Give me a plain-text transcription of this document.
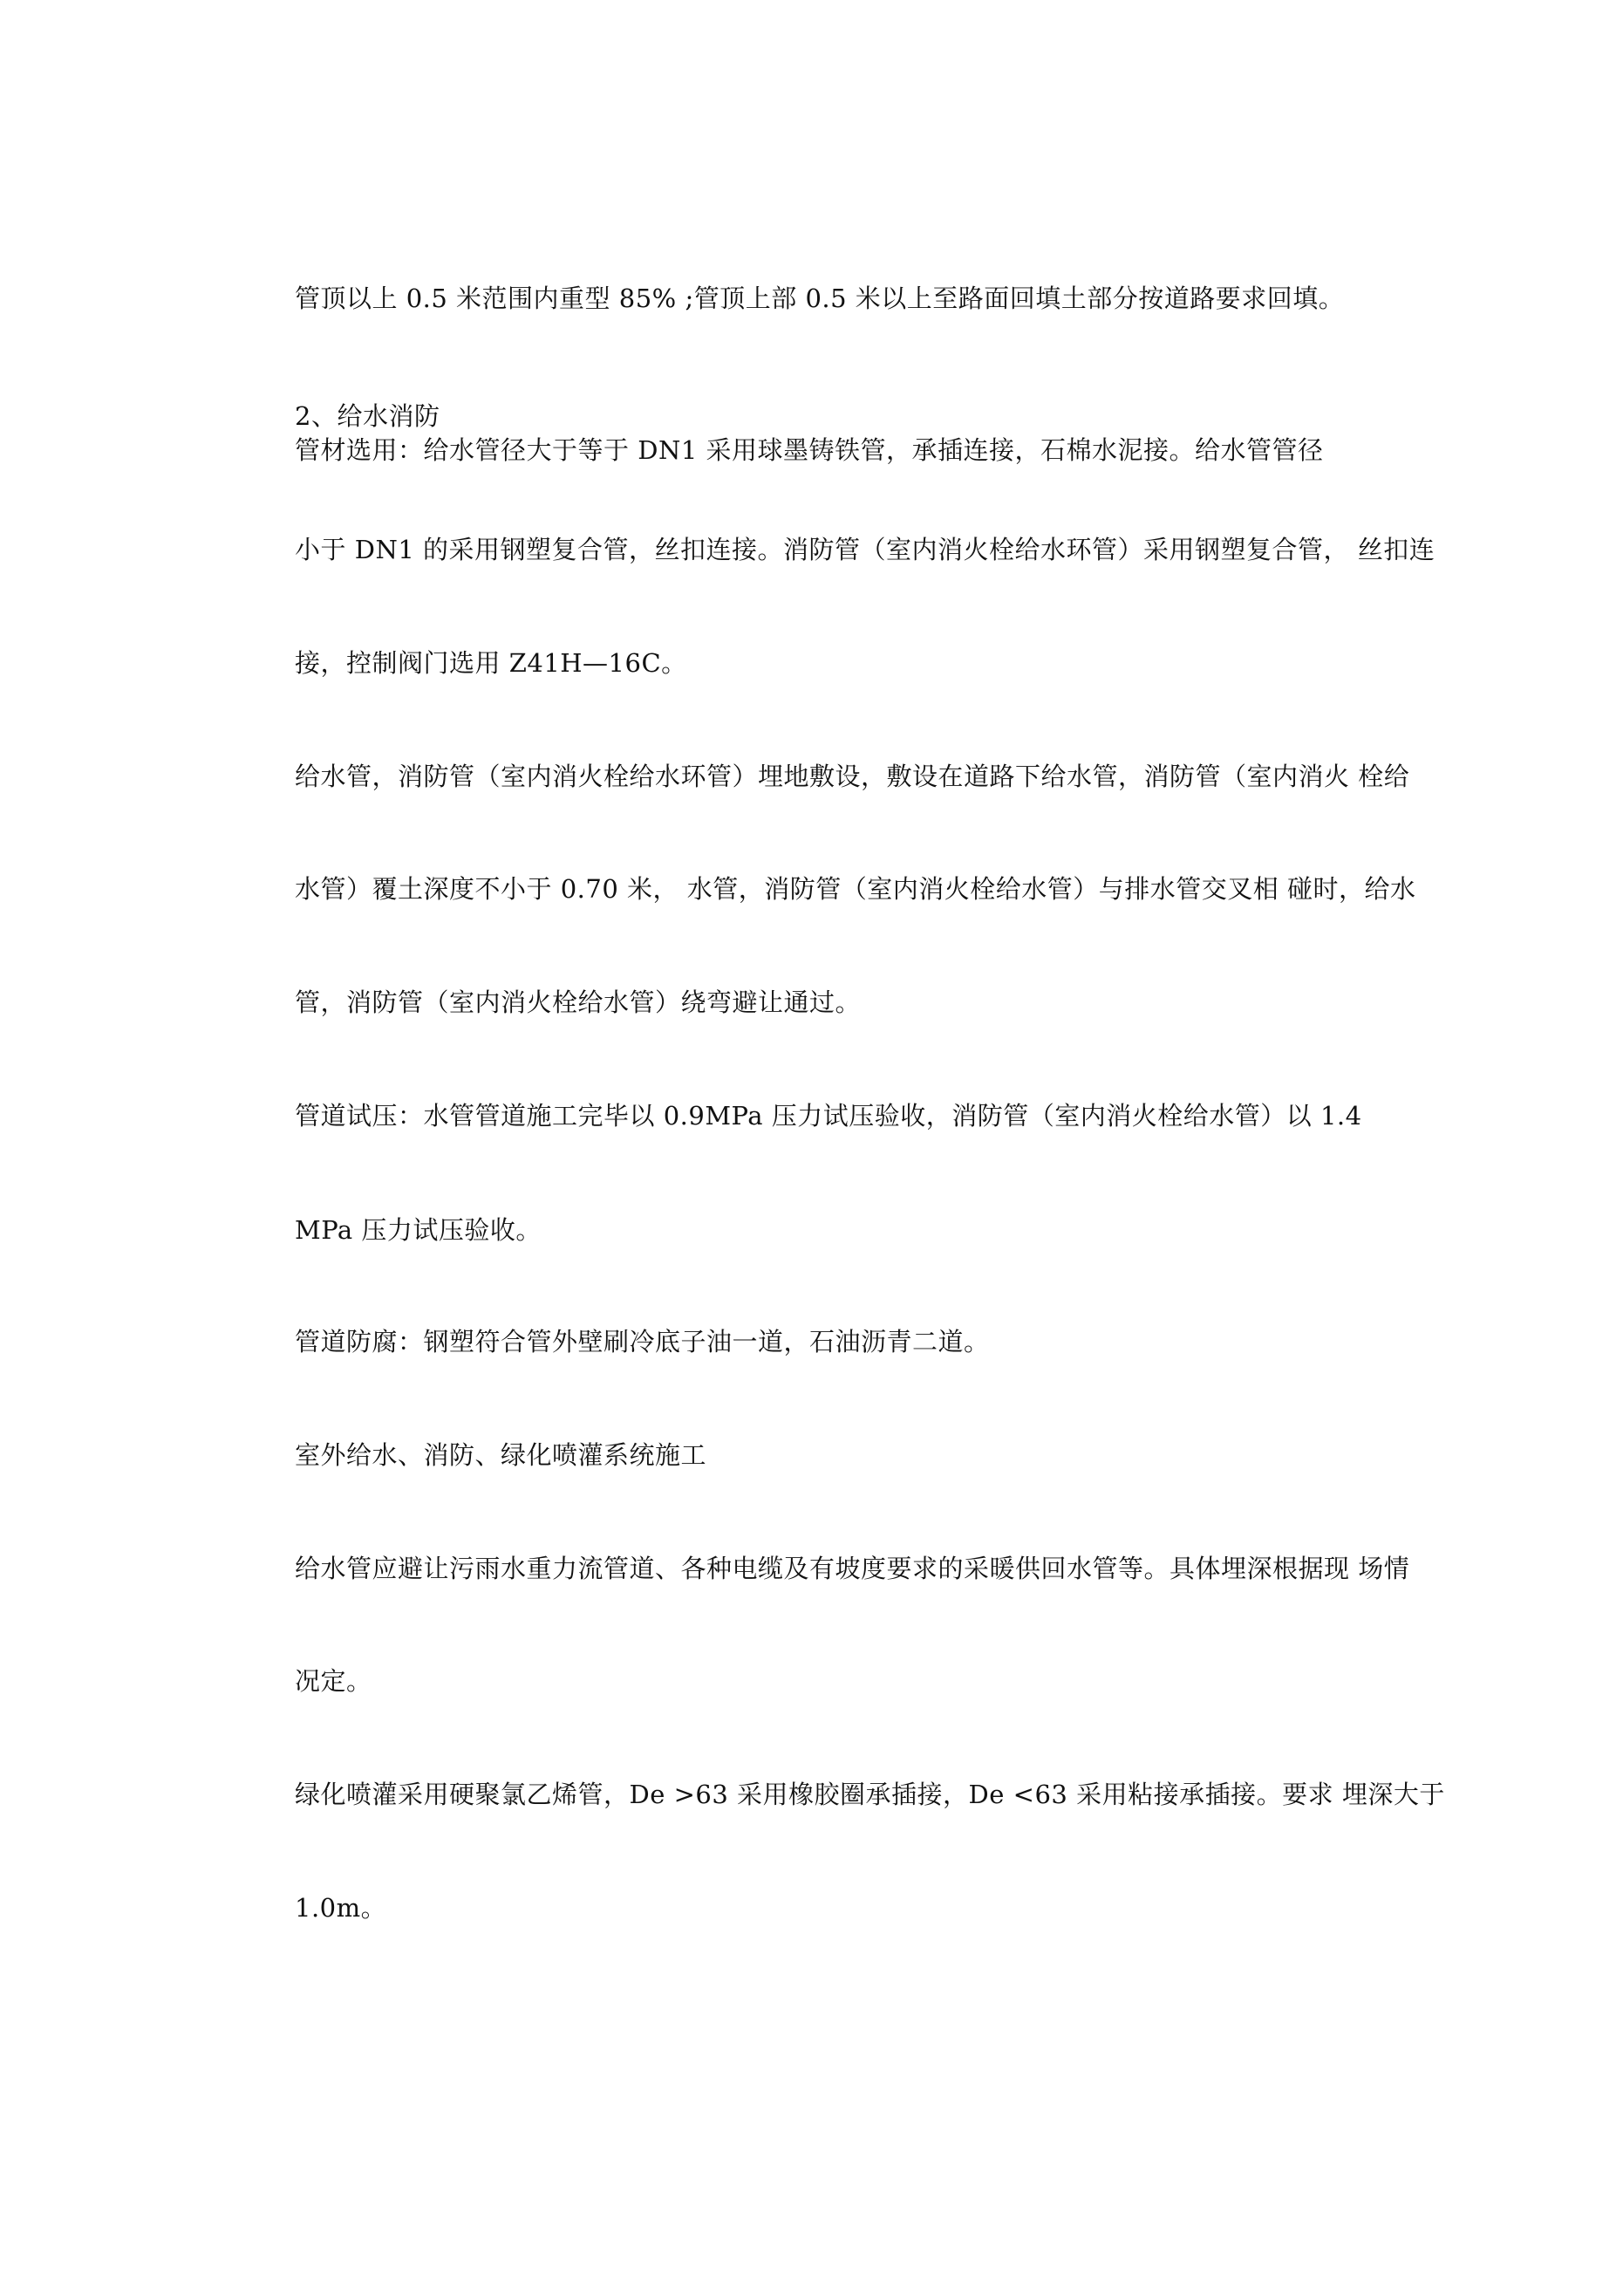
管顶以上 0.5 米范围内重型 85% ;管顶上部 0.5 米以上至路面回填土部分按道路要求回填。
2、给水消防
管材选用：给水管径大于等于 DN1 采用球墨铸铁管，承插连接，石棉水泥接。给水管管径
小于 DN1 的采用钢塑复合管，丝扣连接。消防管（室内消火栓给水环管）采用钢塑复合管， 丝扣连
接，控制阀门选用 Z41H—16C。
给水管，消防管（室内消火栓给水环管）埋地敷设，敷设在道路下给水管，消防管（室内消火 栓给
水管）覆土深度不小于 0.70 米， 水管，消防管（室内消火栓给水管）与排水管交叉相 碰时，给水
管，消防管（室内消火栓给水管）绕弯避让通过。
管道试压：水管管道施工完毕以 0.9MPa 压力试压验收，消防管（室内消火栓给水管）以 1.4
MPa 压力试压验收。
管道防腐：钢塑符合管外壁刷冷底子油一道，石油沥青二道。
室外给水、消防、绿化喷灌系统施工
给水管应避让污雨水重力流管道、各种电缆及有坡度要求的采暖供回水管等。具体埋深根据现 场情
况定。
绿化喷灌采用硬聚氯乙烯管，De >63 采用橡胶圈承插接，De <63 采用粘接承插接。要求 埋深大于
1.0m。
